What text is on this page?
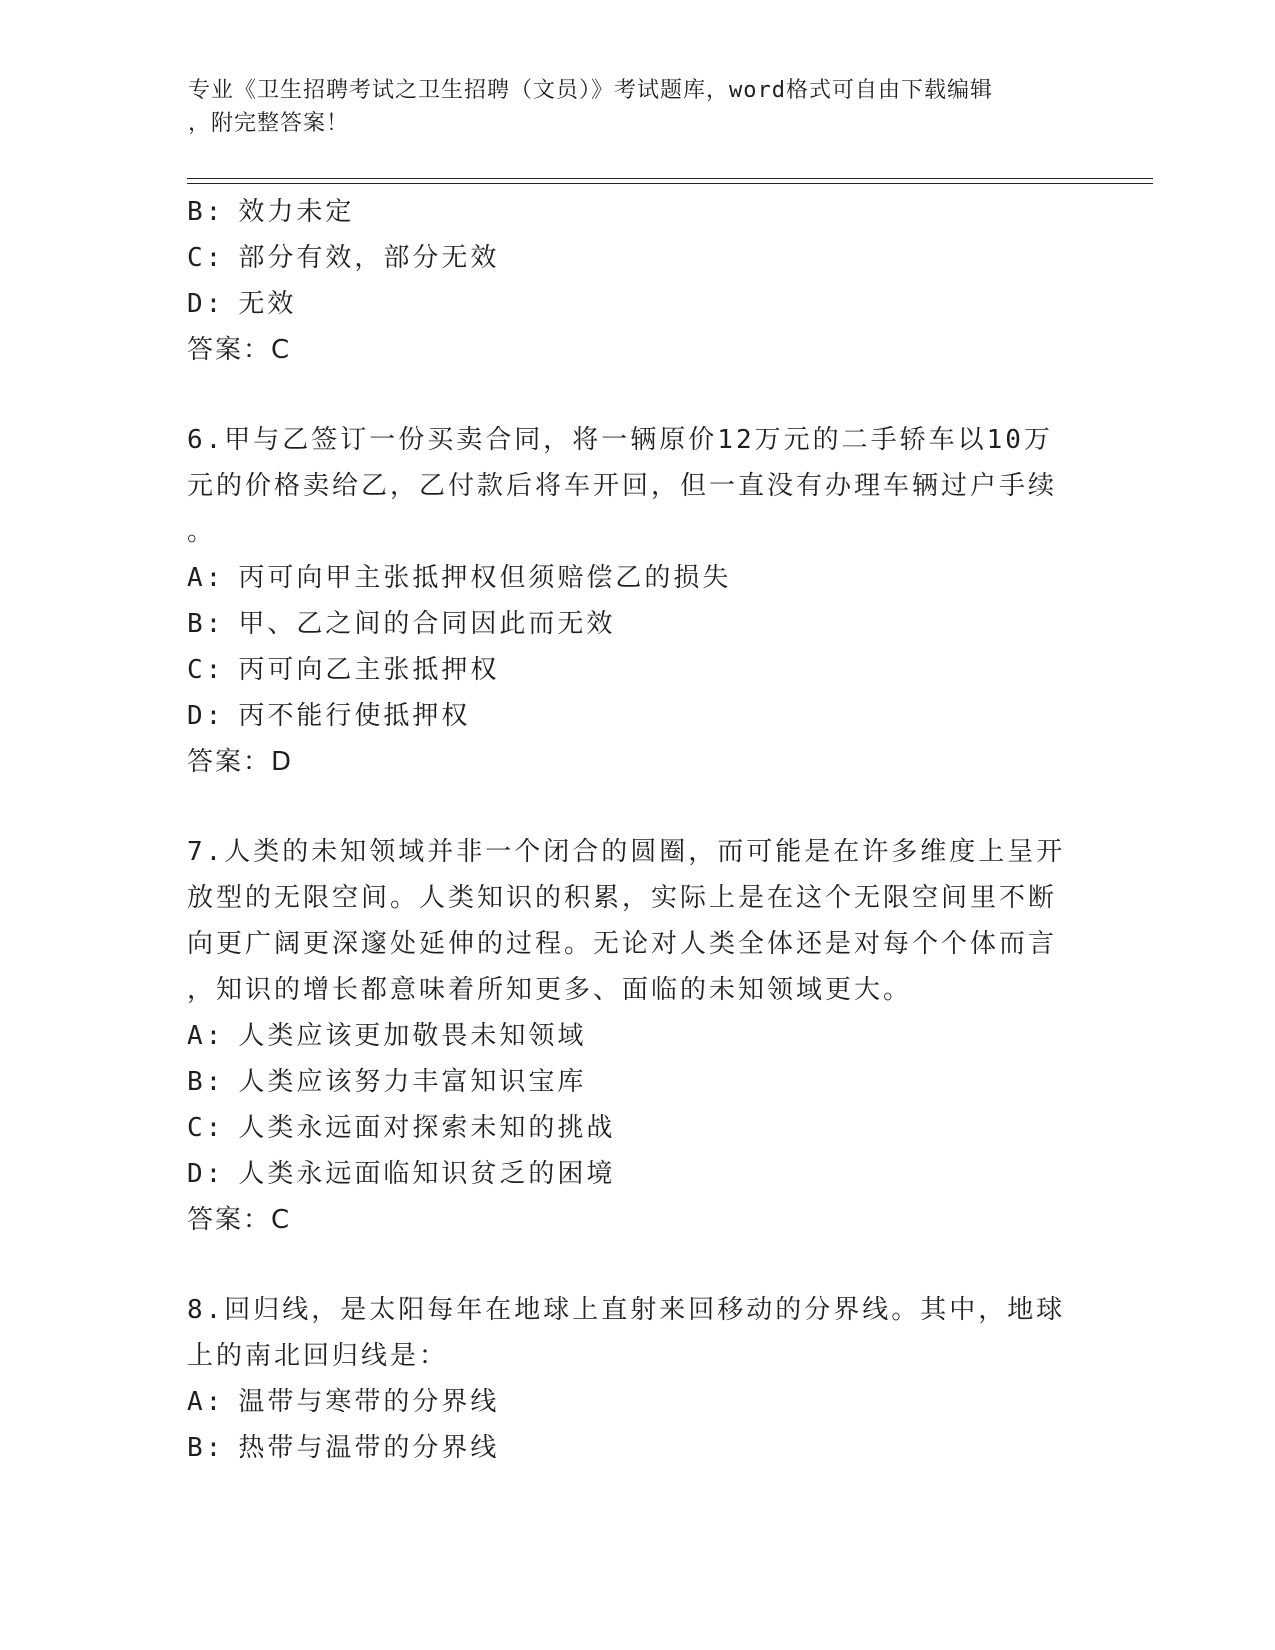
专业《卫生招聘考试之卫生招聘（文员）》考试题库，word格式可自由下载编辑
，附完整答案！
B: 效力未定
C: 部分有效，部分无效
D: 无效
答案：C
6.甲与乙签订一份买卖合同，将一辆原价12万元的二手轿车以10万
元的价格卖给乙，乙付款后将车开回，但一直没有办理车辆过户手续
。
A: 丙可向甲主张抵押权但须赔偿乙的损失
B: 甲、乙之间的合同因此而无效
C: 丙可向乙主张抵押权
D: 丙不能行使抵押权
答案：D
7.人类的未知领域并非一个闭合的圆圈，而可能是在许多维度上呈开
放型的无限空间。人类知识的积累，实际上是在这个无限空间里不断
向更广阔更深邃处延伸的过程。无论对人类全体还是对每个个体而言
，知识的增长都意味着所知更多、面临的未知领域更大。
A: 人类应该更加敬畏未知领域
B: 人类应该努力丰富知识宝库
C: 人类永远面对探索未知的挑战
D: 人类永远面临知识贫乏的困境
答案：C
8.回归线，是太阳每年在地球上直射来回移动的分界线。其中，地球
上的南北回归线是：
A: 温带与寒带的分界线
B: 热带与温带的分界线
